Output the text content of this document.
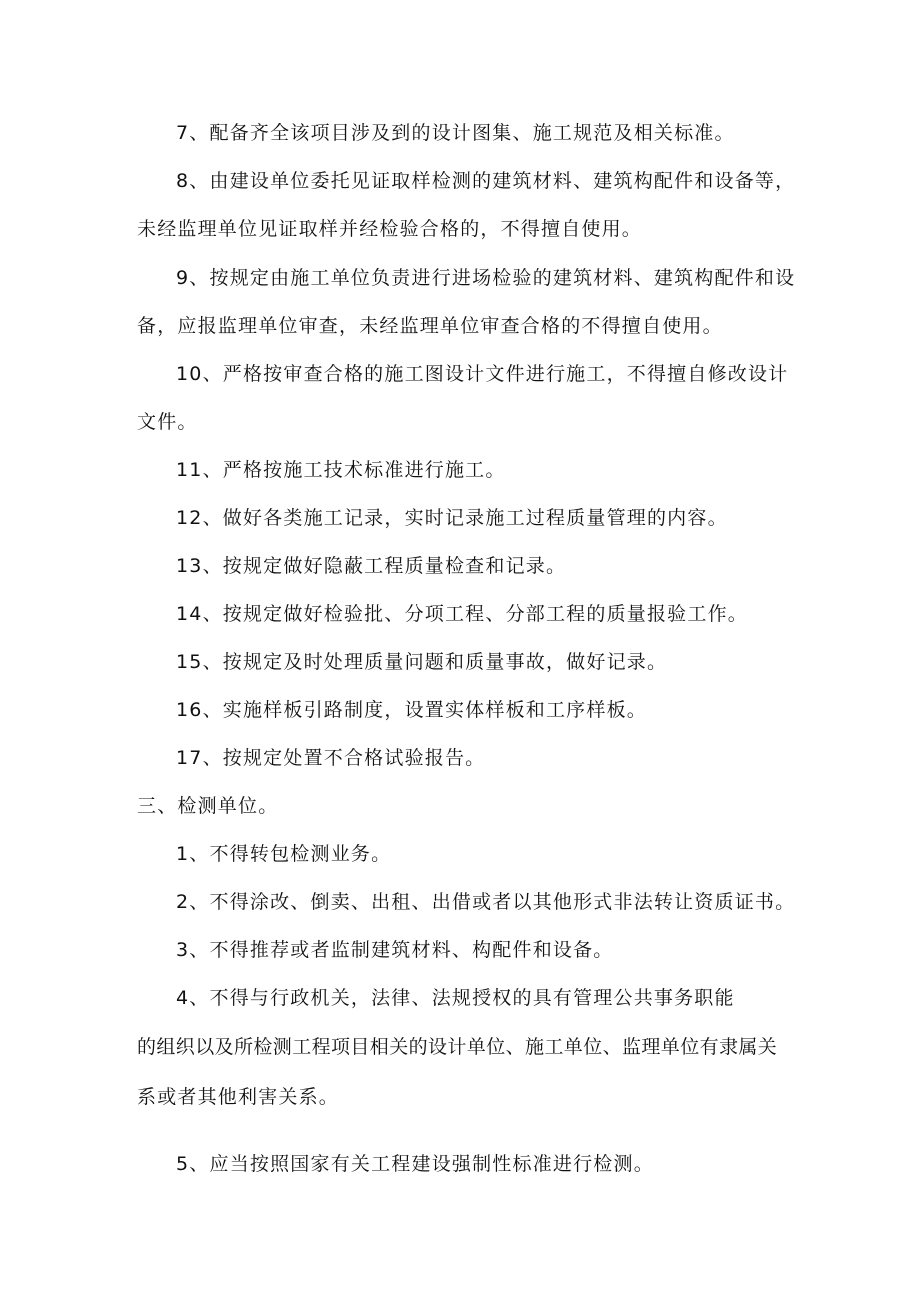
7、配备齐全该项目涉及到的设计图集、施工规范及相关标准。

8、由建设单位委托见证取样检测的建筑材料、建筑构配件和设备等，

未经监理单位见证取样并经检验合格的，不得擅自使用。

9、按规定由施工单位负责进行进场检验的建筑材料、建筑构配件和设

备，应报监理单位审查，未经监理单位审查合格的不得擅自使用。

10、严格按审查合格的施工图设计文件进行施工，不得擅自修改设计

文件。

11、严格按施工技术标准进行施工。

12、做好各类施工记录，实时记录施工过程质量管理的内容。

13、按规定做好隐蔽工程质量检查和记录。

14、按规定做好检验批、分项工程、分部工程的质量报验工作。

15、按规定及时处理质量问题和质量事故，做好记录。

16、实施样板引路制度，设置实体样板和工序样板。

17、按规定处置不合格试验报告。

三、检测单位。

1、不得转包检测业务。

2、不得涂改、倒卖、出租、出借或者以其他形式非法转让资质证书。

3、不得推荐或者监制建筑材料、构配件和设备。

4、不得与行政机关，法律、法规授权的具有管理公共事务职能

的组织以及所检测工程项目相关的设计单位、施工单位、监理单位有隶属关

系或者其他利害关系。

5、应当按照国家有关工程建设强制性标准进行检测。
